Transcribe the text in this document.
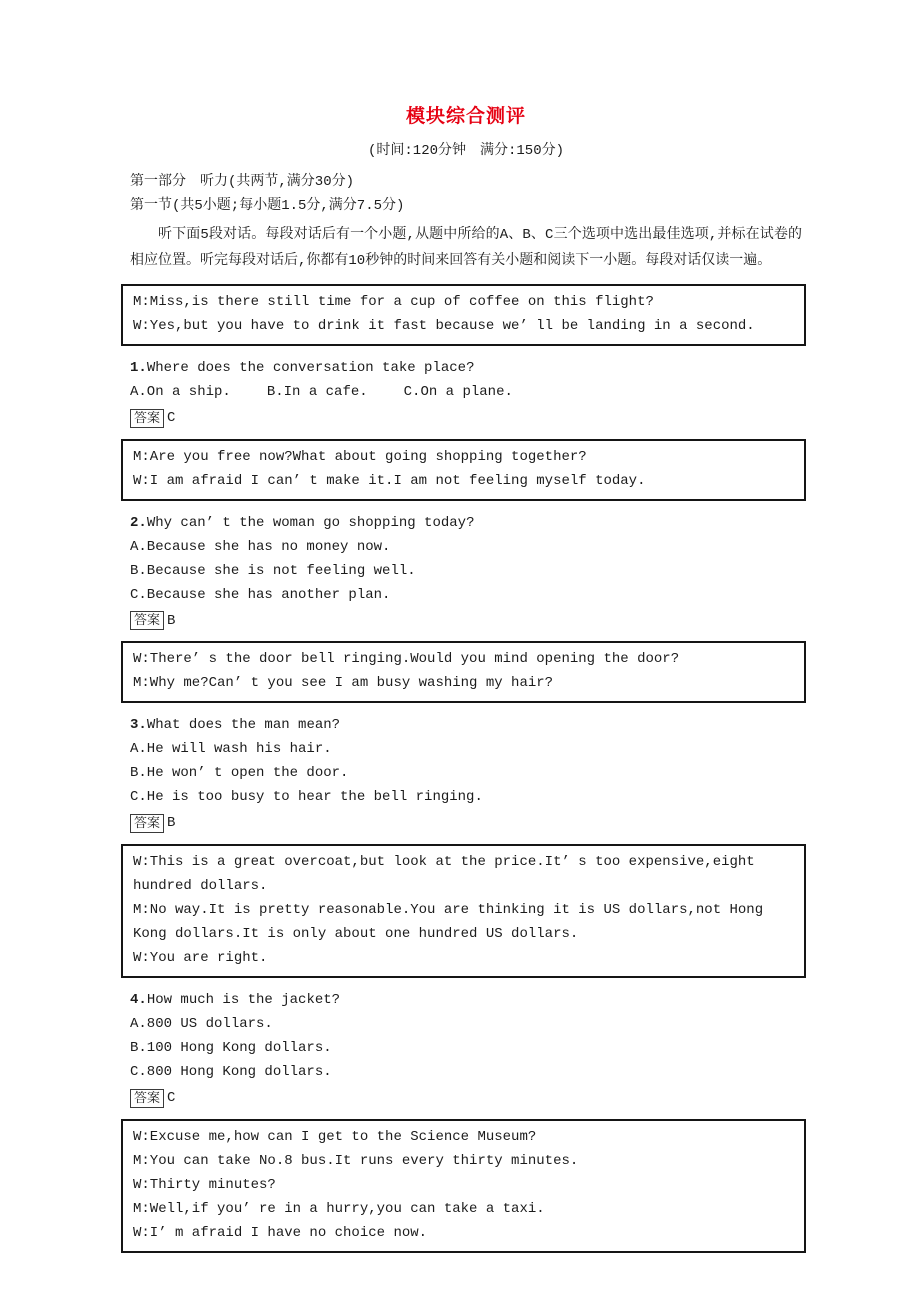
模块综合测评

(时间:120分钟　满分:150分)

第一部分　听力(共两节,满分30分)

第一节(共5小题;每小题1.5分,满分7.5分)

听下面5段对话。每段对话后有一个小题,从题中所给的A、B、C三个选项中选出最佳选项,并标在试卷的相应位置。听完每段对话后,你都有10秒钟的时间来回答有关小题和阅读下一小题。每段对话仅读一遍。

M:Miss,is there still time for a cup of coffee on this flight?

W:Yes,but you have to drink it fast because we’ ll be landing in a second.

1.Where does the conversation take place?

A.On a ship.	B.In a cafe.	C.On a plane.

答案 C

M:Are you free now?What about going shopping together?

W:I am afraid I can’ t make it.I am not feeling myself today.

2.Why can’ t the woman go shopping today?

A.Because she has no money now.

B.Because she is not feeling well.

C.Because she has another plan.

答案 B

W:There’ s the door bell ringing.Would you mind opening the door?

M:Why me?Can’ t you see I am busy washing my hair?

3.What does the man mean?

A.He will wash his hair.

B.He won’ t open the door.

C.He is too busy to hear the bell ringing.

答案 B

W:This is a great overcoat,but look at the price.It’ s too expensive,eight hundred dollars.

M:No way.It is pretty reasonable.You are thinking it is US dollars,not Hong Kong dollars.It is only about one hundred US dollars.

W:You are right.

4.How much is the jacket?

A.800 US dollars.

B.100 Hong Kong dollars.

C.800 Hong Kong dollars.

答案 C

W:Excuse me,how can I get to the Science Museum?

M:You can take No.8 bus.It runs every thirty minutes.

W:Thirty minutes?

M:Well,if you’ re in a hurry,you can take a taxi.

W:I’ m afraid I have no choice now.
